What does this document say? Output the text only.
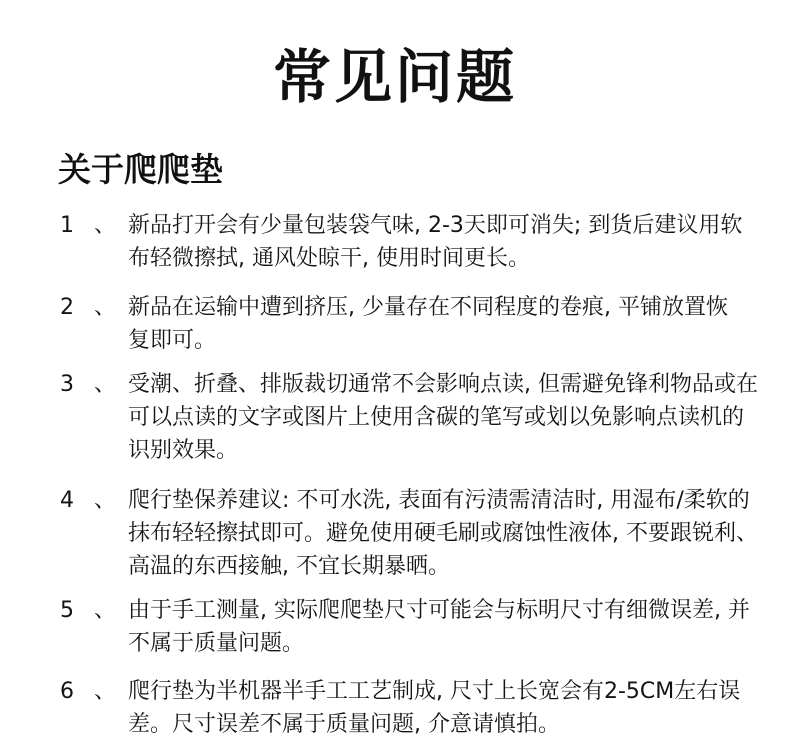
常见问题
关于爬爬垫
1 、 新品打开会有少量包装袋气味, 2-3天即可消失; 到货后建议用软
布轻微擦拭, 通风处晾干, 使用时间更长。
2 、 新品在运输中遭到挤压, 少量存在不同程度的卷痕, 平铺放置恢
复即可。
3 、 受潮、折叠、排版裁切通常不会影响点读, 但需避免锋利物品或在
可以点读的文字或图片上使用含碳的笔写或划以免影响点读机的
识别效果。
4 、 爬行垫保养建议: 不可水洗, 表面有污渍需清洁时, 用湿布/柔软的
抹布轻轻擦拭即可。避免使用硬毛刷或腐蚀性液体, 不要跟锐利、
高温的东西接触, 不宜长期暴晒。
5 、 由于手工测量, 实际爬爬垫尺寸可能会与标明尺寸有细微误差, 并
不属于质量问题。
6 、 爬行垫为半机器半手工工艺制成, 尺寸上长宽会有2-5CM左右误
差。尺寸误差不属于质量问题, 介意请慎拍。
